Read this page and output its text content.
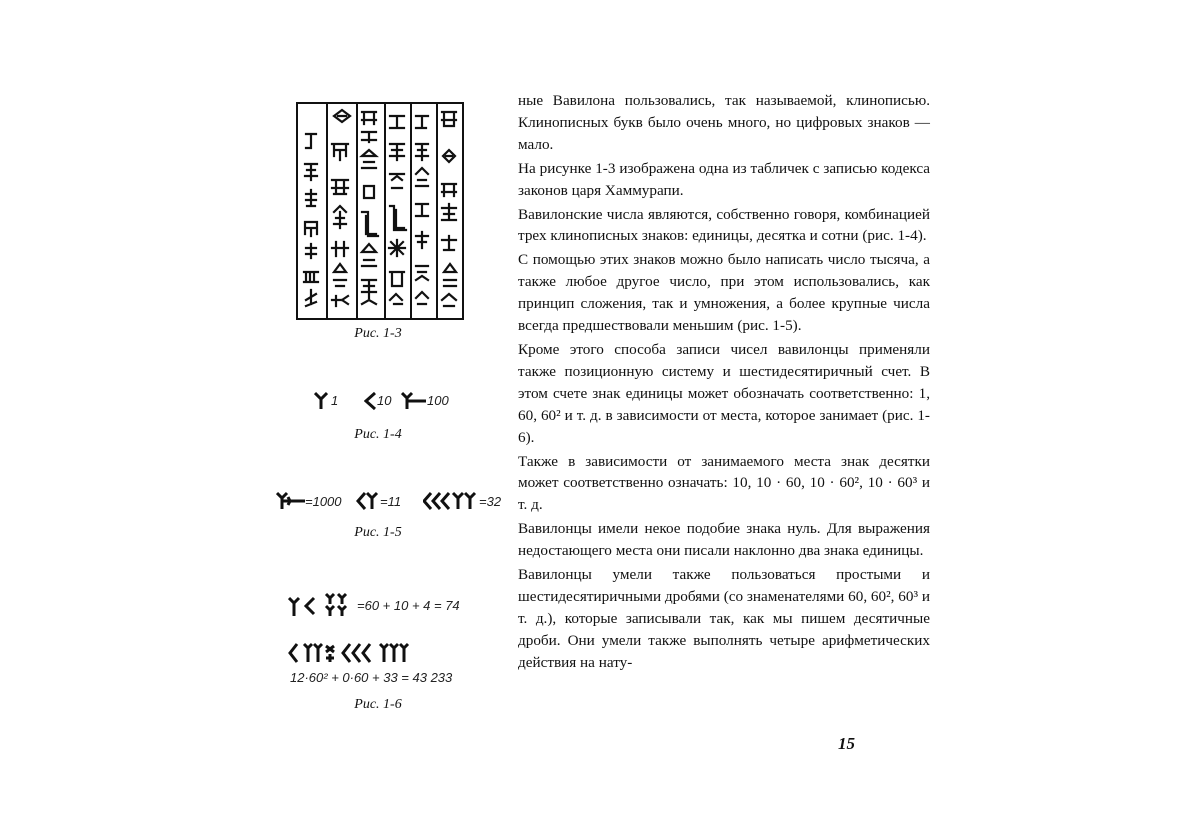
Рис. 1-3
1	10	100
Рис. 1-4
=1000	=11	=32
Рис. 1-5
=60 + 10 + 4 = 74
12·60² + 0·60 + 33 = 43 233
Рис. 1-6

ные Вавилона пользовались, так называемой, клинописью. Клинописных букв было очень много, но цифровых знаков — мало.

На рисунке 1-3 изображена одна из табличек с записью кодекса законов царя Хаммурапи.

Вавилонские числа являются, собственно говоря, комбинацией трех клинописных знаков: единицы, десятка и сотни (рис. 1-4).

С помощью этих знаков можно было написать число тысяча, а также любое другое число, при этом использовались, как принцип сложения, так и умножения, а более крупные числа всегда предшествовали меньшим (рис. 1-5).

Кроме этого способа записи чисел вавилонцы применяли также позиционную систему и шестидесятиричный счет. В этом счете знак единицы может обозначать соответственно: 1, 60, 60² и т. д. в зависимости от места, которое занимает (рис. 1-6).

Также в зависимости от занимаемого места знак десятки может соответственно означать: 10, 10 · 60, 10 · 60², 10 · 60³ и т. д.

Вавилонцы имели некое подобие знака нуль. Для выражения недостающего места они писали наклонно два знака единицы.

Вавилонцы умели также пользоваться простыми и шестидесятиричными дробями (со знаменателями 60, 60², 60³ и т. д.), которые записывали так, как мы пишем десятичные дроби. Они умели также выполнять четыре арифметических действия на нату-

15
